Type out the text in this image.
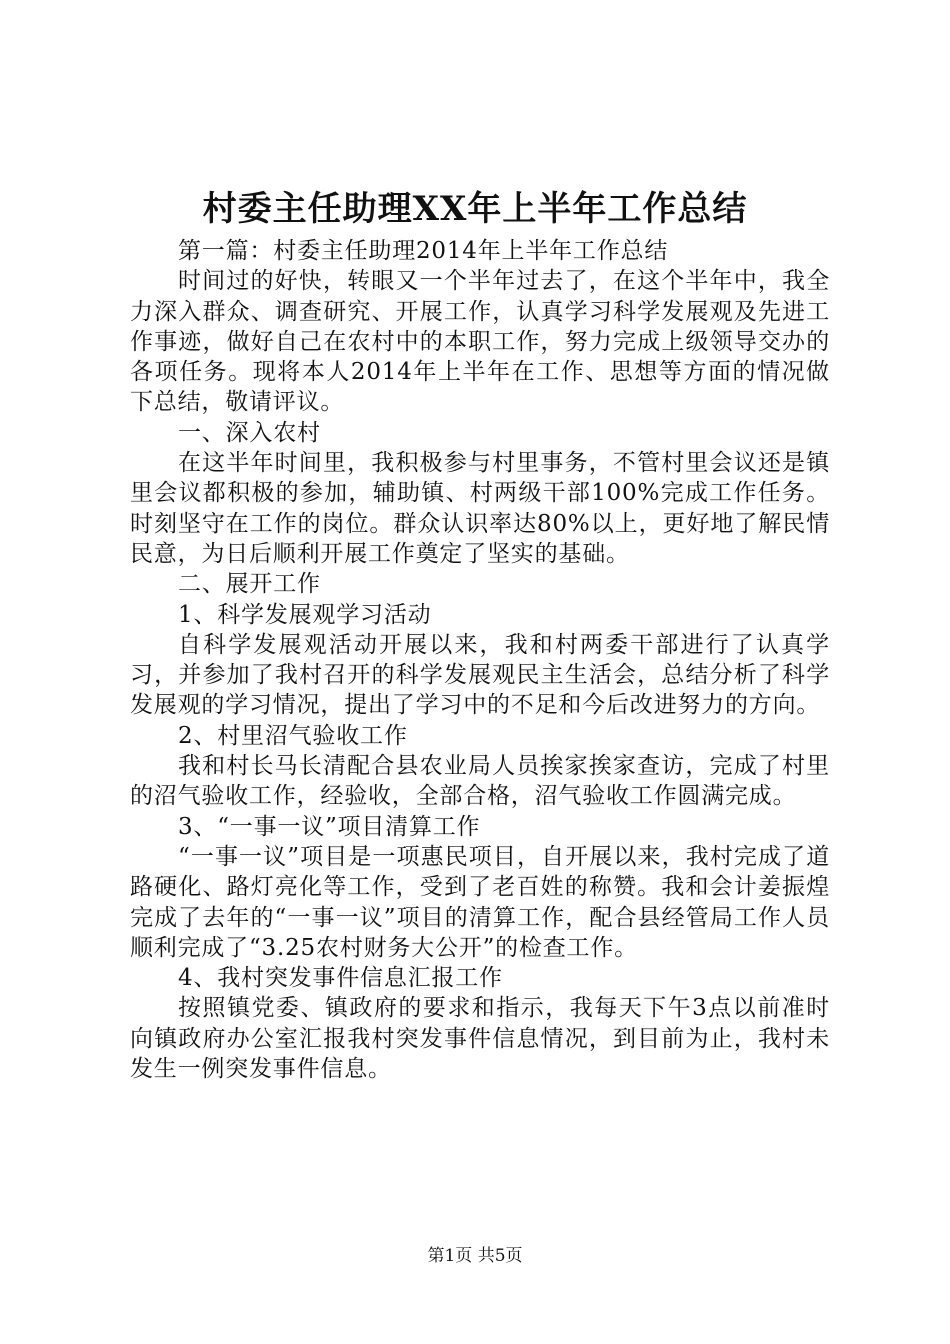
村委主任助理XX年上半年工作总结

第一篇：村委主任助理2014年上半年工作总结

时间过的好快，转眼又一个半年过去了，在这个半年中，我全力深入群众、调查研究、开展工作，认真学习科学发展观及先进工作事迹，做好自己在农村中的本职工作，努力完成上级领导交办的各项任务。现将本人2014年上半年在工作、思想等方面的情况做下总结，敬请评议。

一、深入农村

在这半年时间里，我积极参与村里事务，不管村里会议还是镇里会议都积极的参加，辅助镇、村两级干部100%完成工作任务。时刻坚守在工作的岗位。群众认识率达80%以上，更好地了解民情民意，为日后顺利开展工作奠定了坚实的基础。

二、展开工作

1、科学发展观学习活动

自科学发展观活动开展以来，我和村两委干部进行了认真学习，并参加了我村召开的科学发展观民主生活会，总结分析了科学发展观的学习情况，提出了学习中的不足和今后改进努力的方向。

2、村里沼气验收工作

我和村长马长清配合县农业局人员挨家挨家查访，完成了村里的沼气验收工作，经验收，全部合格，沼气验收工作圆满完成。

3、“一事一议”项目清算工作

“一事一议”项目是一项惠民项目，自开展以来，我村完成了道路硬化、路灯亮化等工作，受到了老百姓的称赞。我和会计姜振煌完成了去年的“一事一议”项目的清算工作，配合县经管局工作人员顺利完成了“3.25农村财务大公开”的检查工作。

4、我村突发事件信息汇报工作

按照镇党委、镇政府的要求和指示，我每天下午3点以前准时向镇政府办公室汇报我村突发事件信息情况，到目前为止，我村未发生一例突发事件信息。

第1页 共5页
